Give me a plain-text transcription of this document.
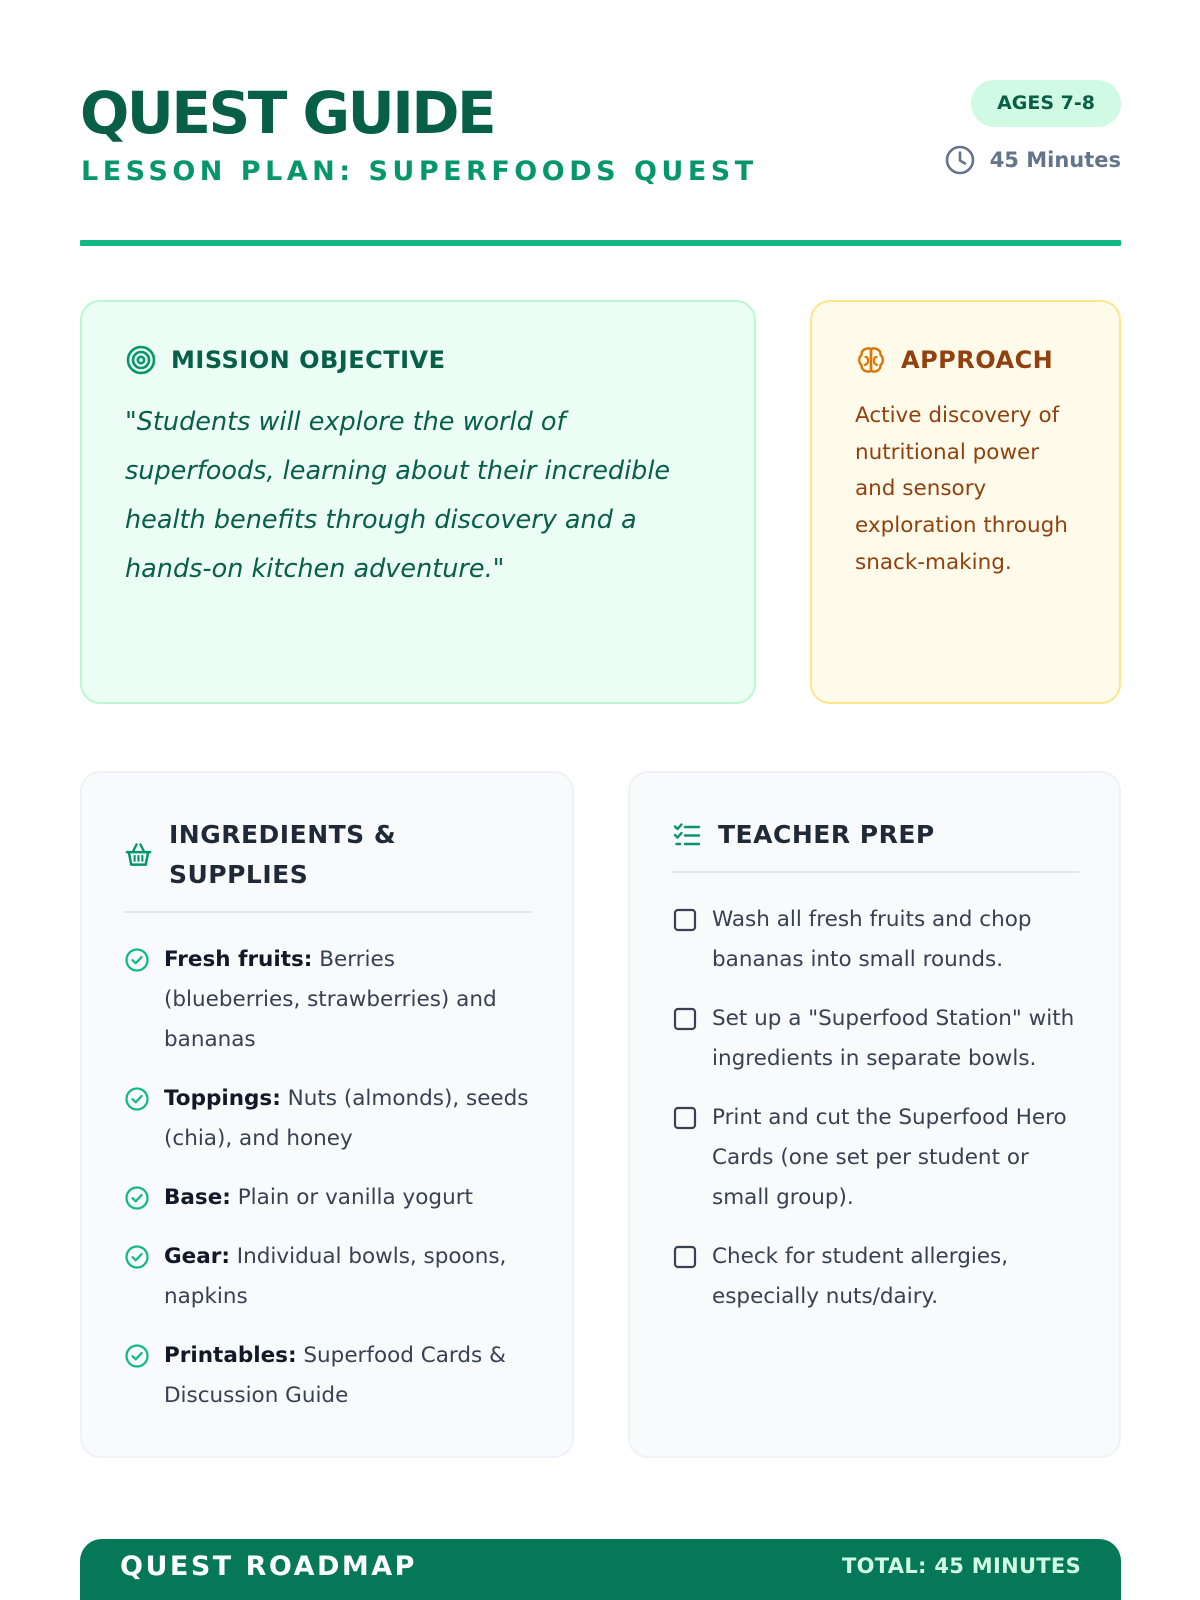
QUEST GUIDE
LESSON PLAN: SUPERFOODS QUEST
AGES 7-8
45 Minutes
MISSION OBJECTIVE

"Students will explore the world of superfoods, learning about their incredible health benefits through discovery and a hands-on kitchen adventure."

APPROACH

Active discovery of nutritional power and sensory exploration through snack-making.

INGREDIENTS & SUPPLIES
Fresh fruits: Berries (blueberries, strawberries) and bananas
Toppings: Nuts (almonds), seeds (chia), and honey
Base: Plain or vanilla yogurt
Gear: Individual bowls, spoons, napkins
Printables: Superfood Cards & Discussion Guide
TEACHER PREP
Wash all fresh fruits and chop bananas into small rounds.
Set up a "Superfood Station" with ingredients in separate bowls.
Print and cut the Superfood Hero Cards (one set per student or small group).
Check for student allergies, especially nuts/dairy.
QUEST ROADMAP	TOTAL: 45 MINUTES
